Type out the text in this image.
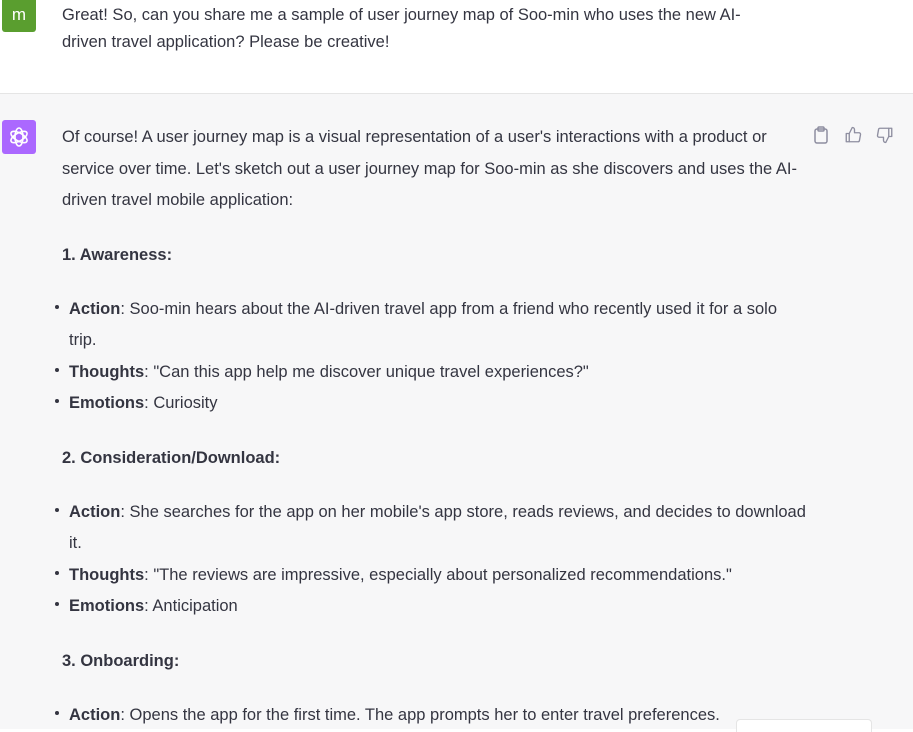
m Great! So, can you share me a sample of user journey map of Soo-min who uses the new AI-
driven travel application? Please be creative!

Of course! A user journey map is a visual representation of a user's interactions with a product or service over time. Let's sketch out a user journey map for Soo-min as she discovers and uses the AI-driven travel mobile application:

1. Awareness:
Action: Soo-min hears about the AI-driven travel app from a friend who recently used it for a solo trip.
Thoughts: "Can this app help me discover unique travel experiences?"
Emotions: Curiosity
2. Consideration/Download:
Action: She searches for the app on her mobile's app store, reads reviews, and decides to download it.
Thoughts: "The reviews are impressive, especially about personalized recommendations."
Emotions: Anticipation
3. Onboarding:
Action: Opens the app for the first time. The app prompts her to enter travel preferences.
